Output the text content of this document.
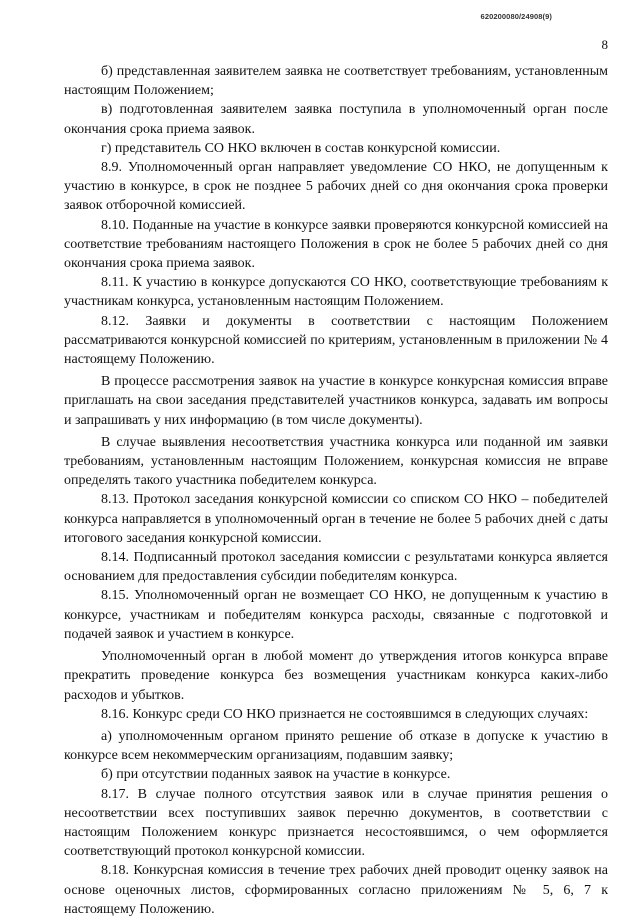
620200080/24908(9)
8

б) представленная заявителем заявка не соответствует требованиям, установленным настоящим Положением;

в) подготовленная заявителем заявка поступила в уполномоченный орган после окончания срока приема заявок.

г) представитель СО НКО включен в состав конкурсной комиссии.

8.9. Уполномоченный орган направляет уведомление СО НКО, не допущенным к участию в конкурсе, в срок не позднее 5 рабочих дней со дня окончания срока проверки заявок отборочной комиссией.

8.10. Поданные на участие в конкурсе заявки проверяются конкурсной комиссией на соответствие требованиям настоящего Положения в срок не более 5 рабочих дней со дня окончания срока приема заявок.

8.11. К участию в конкурсе допускаются СО НКО, соответствующие требованиям к участникам конкурса, установленным настоящим Положением.

8.12. Заявки и документы в соответствии с настоящим Положением рассматриваются конкурсной комиссией по критериям, установленным в приложении № 4 настоящему Положению.

В процессе рассмотрения заявок на участие в конкурсе конкурсная комиссия вправе приглашать на свои заседания представителей участников конкурса, задавать им вопросы и запрашивать у них информацию (в том числе документы).

В случае выявления несоответствия участника конкурса или поданной им заявки требованиям, установленным настоящим Положением, конкурсная комиссия не вправе определять такого участника победителем конкурса.

8.13. Протокол заседания конкурсной комиссии со списком СО НКО – победителей конкурса направляется в уполномоченный орган в течение не более 5 рабочих дней с даты итогового заседания конкурсной комиссии.

8.14. Подписанный протокол заседания комиссии с результатами конкурса является основанием для предоставления субсидии победителям конкурса.

8.15. Уполномоченный орган не возмещает СО НКО, не допущенным к участию в конкурсе, участникам и победителям конкурса расходы, связанные с подготовкой и подачей заявок и участием в конкурсе.

Уполномоченный орган в любой момент до утверждения итогов конкурса вправе прекратить проведение конкурса без возмещения участникам конкурса каких-либо расходов и убытков.

8.16. Конкурс среди СО НКО признается не состоявшимся в следующих случаях:

а) уполномоченным органом принято решение об отказе в допуске к участию в конкурсе всем некоммерческим организациям, подавшим заявку;

б) при отсутствии поданных заявок на участие в конкурсе.

8.17. В случае полного отсутствия заявок или в случае принятия решения о несоответствии всех поступивших заявок перечню документов, в соответствии с настоящим Положением конкурс признается несостоявшимся, о чем оформляется соответствующий протокол конкурсной комиссии.

8.18. Конкурсная комиссия в течение трех рабочих дней проводит оценку заявок на основе оценочных листов, сформированных согласно приложениям № 5, 6, 7 к настоящему Положению.
